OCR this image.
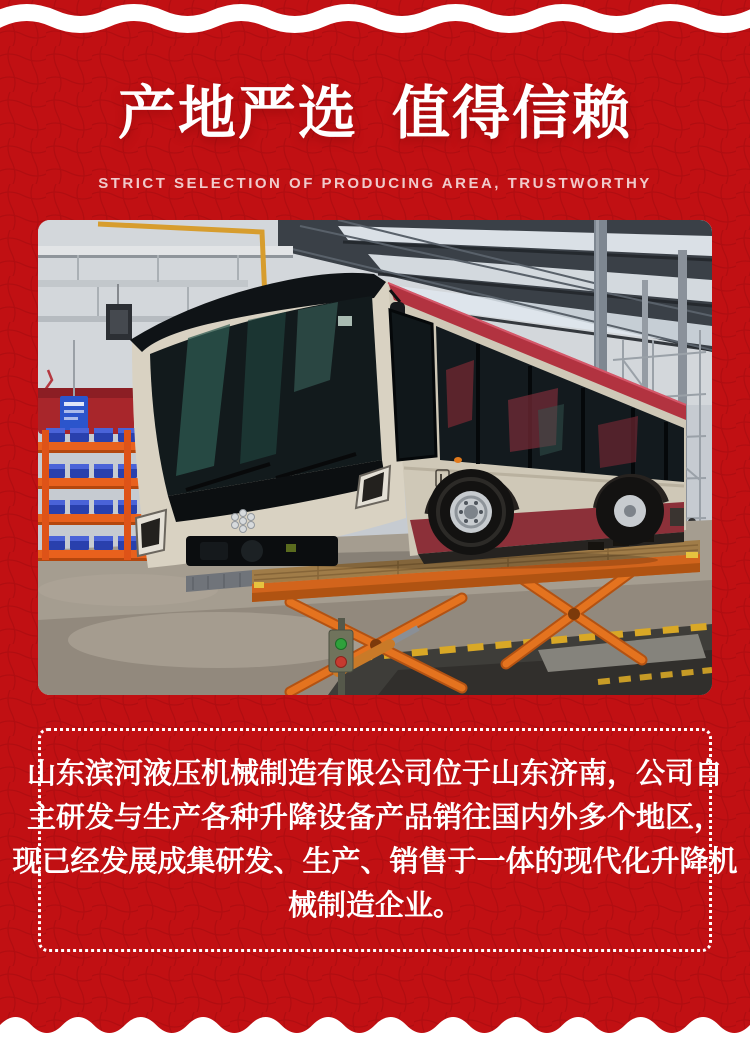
产地严选 值得信赖
STRICT SELECTION OF PRODUCING AREA, TRUSTWORTHY
山东滨河液压机械制造有限公司位于山东济南，公司自
主研发与生产各种升降设备产品销往国内外多个地区，
现已经发展成集研发、生产、销售于一体的现代化升降机
械制造企业。
